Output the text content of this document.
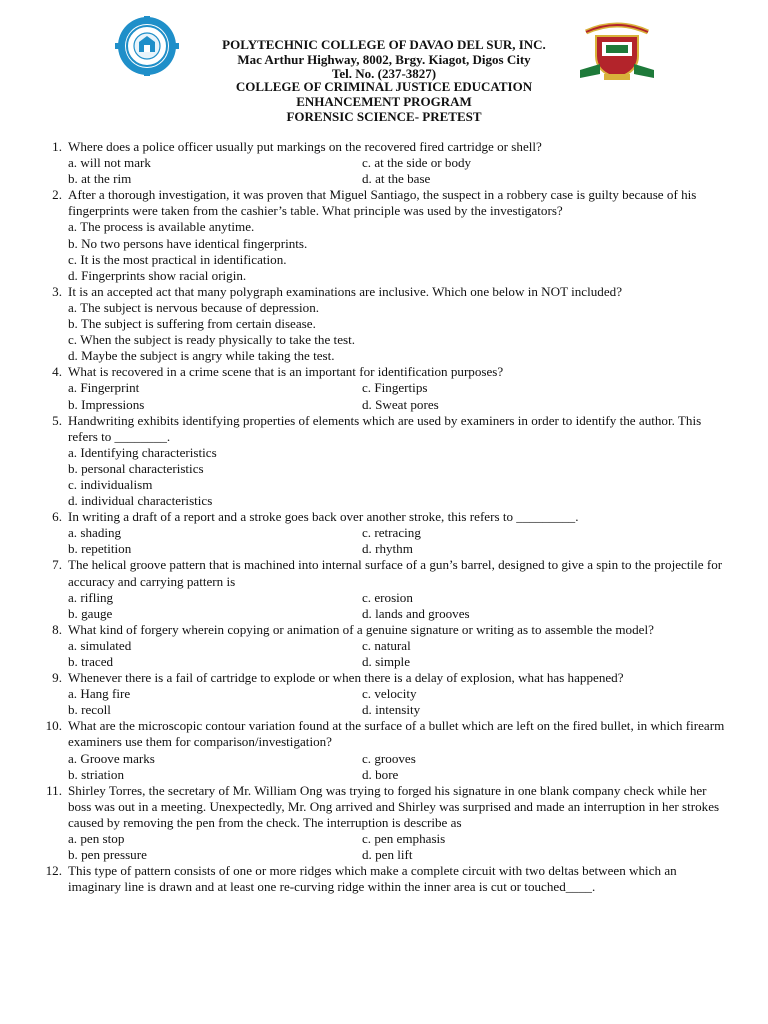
POLYTECHNIC COLLEGE OF DAVAO DEL SUR, INC.
Mac Arthur Highway, 8002, Brgy. Kiagot, Digos City
Tel. No. (237-3827)
COLLEGE OF CRIMINAL JUSTICE EDUCATION
ENHANCEMENT PROGRAM
FORENSIC SCIENCE- PRETEST
1. Where does a police officer usually put markings on the recovered fired cartridge or shell?

a. will not mark	c. at the side or body
b. at the rim	d. at the base
2. After a thorough investigation, it was proven that Miguel Santiago, the suspect in a robbery case is guilty because of his fingerprints were taken from the cashier’s table. What principle was used by the investigators?

a. The process is available anytime.
b. No two persons have identical fingerprints.
c. It is the most practical in identification.
d. Fingerprints show racial origin.
3. It is an accepted act that many polygraph examinations are inclusive. Which one below in NOT included?

a. The subject is nervous because of depression.
b. The subject is suffering from certain disease.
c. When the subject is ready physically to take the test.
d. Maybe the subject is angry while taking the test.
4. What is recovered in a crime scene that is an important for identification purposes?

a. Fingerprint	c. Fingertips
b. Impressions	d. Sweat pores
5. Handwriting exhibits identifying properties of elements which are used by examiners in order to identify the author. This refers to ________.

a. Identifying characteristics
b. personal characteristics
c. individualism
d. individual characteristics
6. In writing a draft of a report and a stroke goes back over another stroke, this refers to _________.

a. shading	c. retracing
b. repetition	d. rhythm
7. The helical groove pattern that is machined into internal surface of a gun’s barrel, designed to give a spin to the projectile for accuracy and carrying pattern is

a. rifling	c. erosion
b. gauge	d. lands and grooves
8. What kind of forgery wherein copying or animation of a genuine signature or writing as to assemble the model?

a. simulated	c. natural
b. traced	d. simple
9. Whenever there is a fail of cartridge to explode or when there is a delay of explosion, what has happened?

a. Hang fire	c. velocity
b. recoll	d. intensity
10. What are the microscopic contour variation found at the surface of a bullet which are left on the fired bullet, in which firearm examiners use them for comparison/investigation?

a. Groove marks	c. grooves
b. striation	d. bore
11. Shirley Torres, the secretary of Mr. William Ong was trying to forged his signature in one blank company check while her boss was out in a meeting. Unexpectedly, Mr. Ong arrived and Shirley was surprised and made an interruption in her strokes caused by removing the pen from the check. The interruption is describe as

a. pen stop	c. pen emphasis
b. pen pressure	d. pen lift
12. This type of pattern consists of one or more ridges which make a complete circuit with two deltas between which an imaginary line is drawn and at least one re-curving ridge within the inner area is cut or touched____.
